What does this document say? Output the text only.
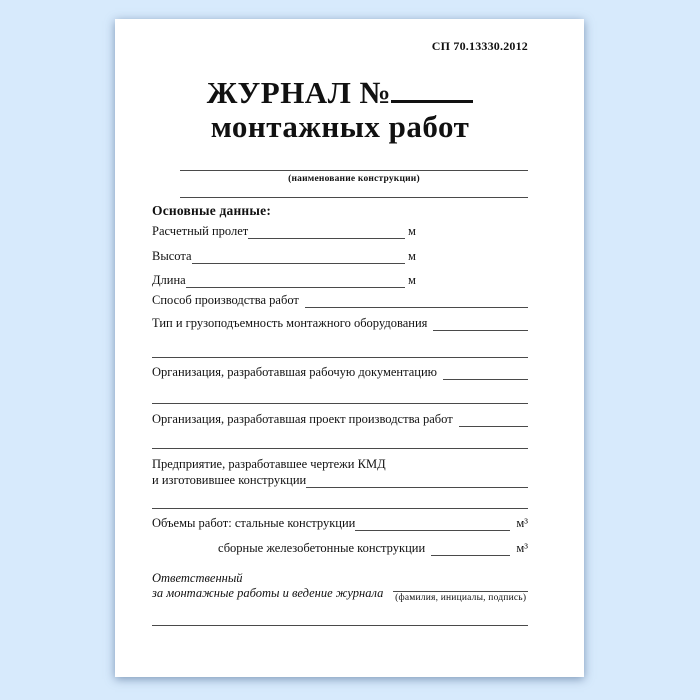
СП 70.13330.2012
ЖУРНАЛ №
монтажных работ
(наименование конструкции)
Основные данные:
Расчетный пролет	м
Высота	м
Длина	м
Способ производства работ
Тип и грузоподъемность монтажного оборудования
Организация, разработавшая рабочую документацию
Организация, разработавшая проект производства работ
Предприятие, разработавшее чертежи КМД
и изготовившее конструкции
Объемы работ: стальные конструкции	м³
сборные железобетонные конструкции	м³
Ответственный
за монтажные работы и ведение журнала (фамилия, инициалы, подпись)
